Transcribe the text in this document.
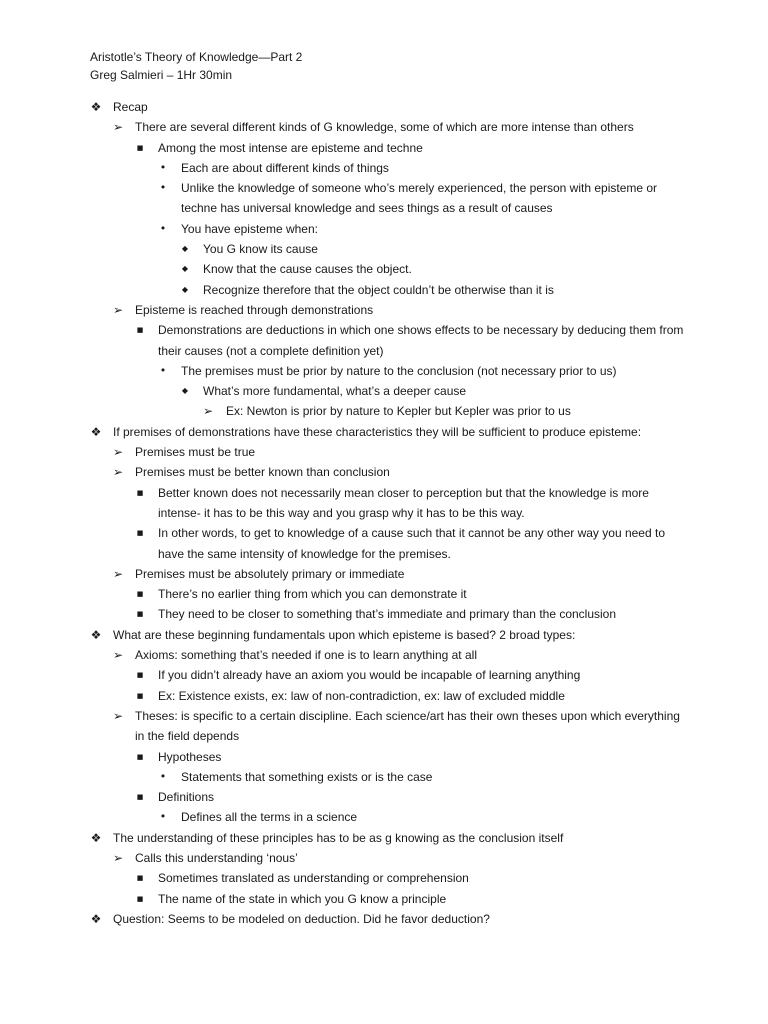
Aristotle’s Theory of Knowledge—Part 2
Greg Salmieri – 1Hr 30min
❖ Recap
➢ There are several different kinds of G knowledge, some of which are more intense than others
■	Among the most intense are episteme and techne
•	Each are about different kinds of things
•	Unlike the knowledge of someone who’s merely experienced, the person with episteme or techne has universal knowledge and sees things as a result of causes
•	You have episteme when:
◆	You G know its cause
◆	Know that the cause causes the object.
◆	Recognize therefore that the object couldn’t be otherwise than it is
➢ Episteme is reached through demonstrations
■	Demonstrations are deductions in which one shows effects to be necessary by deducing them from their causes (not a complete definition yet)
•	The premises must be prior by nature to the conclusion (not necessary prior to us)
◆	What’s more fundamental, what’s a deeper cause
➢ Ex: Newton is prior by nature to Kepler but Kepler was prior to us
❖ If premises of demonstrations have these characteristics they will be sufficient to produce episteme:
➢ Premises must be true
➢ Premises must be better known than conclusion
■	Better known does not necessarily mean closer to perception but that the knowledge is more intense- it has to be this way and you grasp why it has to be this way.
■	In other words, to get to knowledge of a cause such that it cannot be any other way you need to have the same intensity of knowledge for the premises.
➢ Premises must be absolutely primary or immediate
■	There’s no earlier thing from which you can demonstrate it
■	They need to be closer to something that’s immediate and primary than the conclusion
❖ What are these beginning fundamentals upon which episteme is based? 2 broad types:
➢ Axioms: something that’s needed if one is to learn anything at all
■	If you didn’t already have an axiom you would be incapable of learning anything
■	Ex: Existence exists, ex: law of non-contradiction, ex: law of excluded middle
➢ Theses: is specific to a certain discipline. Each science/art has their own theses upon which everything in the field depends
■	Hypotheses
•	Statements that something exists or is the case
■	Definitions
•	Defines all the terms in a science
❖ The understanding of these principles has to be as g knowing as the conclusion itself
➢ Calls this understanding ‘nous’
■	Sometimes translated as understanding or comprehension
■	The name of the state in which you G know a principle
❖ Question: Seems to be modeled on deduction. Did he favor deduction?
